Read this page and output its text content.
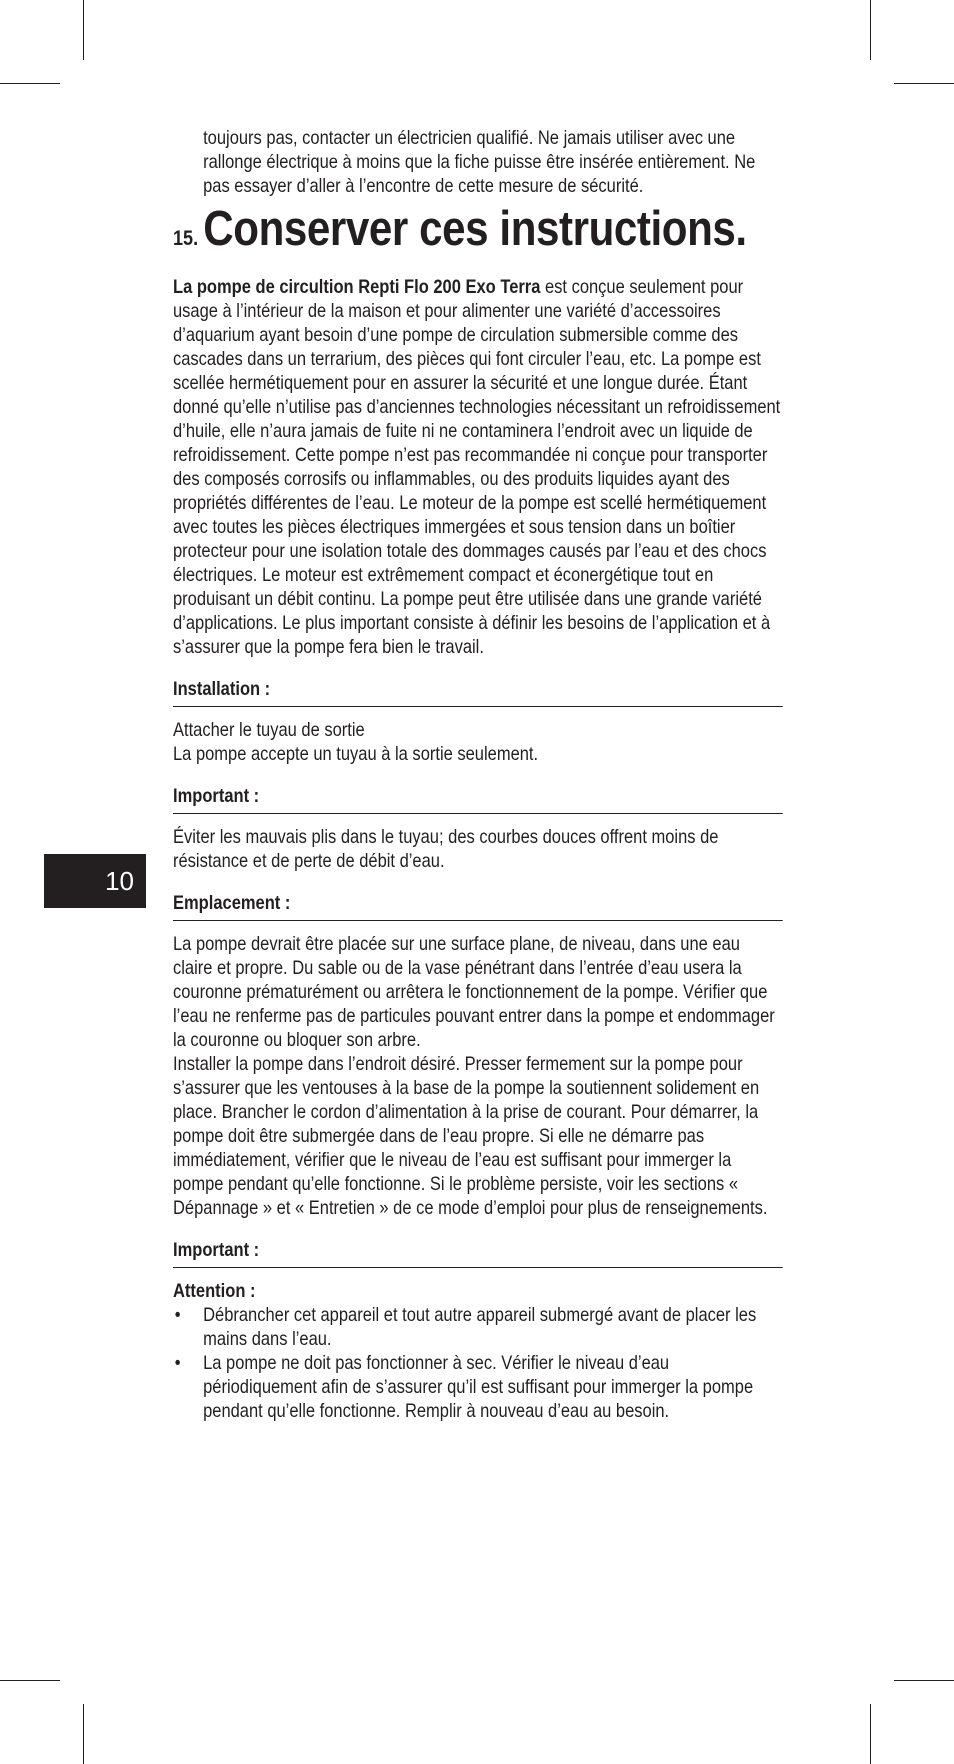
10

toujours pas, contacter un électricien qualifié. Ne jamais utiliser avec une rallonge électrique à moins que la fiche puisse être insérée entièrement. Ne pas essayer d’aller à l’encontre de cette mesure de sécurité.

15. Conserver ces instructions.

La pompe de circultion Repti Flo 200 Exo Terra est conçue seulement pour usage à l’intérieur de la maison et pour alimenter une variété d’accessoires d’aquarium ayant besoin d’une pompe de circulation submersible comme des cascades dans un terrarium, des pièces qui font circuler l’eau, etc. La pompe est scellée hermétiquement pour en assurer la sécurité et une longue durée. Étant donné qu’elle n’utilise pas d’anciennes technologies nécessitant un refroidissement d’huile, elle n’aura jamais de fuite ni ne contaminera l’endroit avec un liquide de refroidissement. Cette pompe n’est pas recommandée ni conçue pour transporter des composés corrosifs ou inflammables, ou des produits liquides ayant des propriétés différentes de l’eau. Le moteur de la pompe est scellé hermétiquement avec toutes les pièces électriques immergées et sous tension dans un boîtier protecteur pour une isolation totale des dommages causés par l’eau et des chocs électriques. Le moteur est extrêmement compact et éconergétique tout en produisant un débit continu. La pompe peut être utilisée dans une grande variété d’applications. Le plus important consiste à définir les besoins de l’application et à s’assurer que la pompe fera bien le travail.

Installation :

Attacher le tuyau de sortie

La pompe accepte un tuyau à la sortie seulement.

Important :

Éviter les mauvais plis dans le tuyau; des courbes douces offrent moins de résistance et de perte de débit d’eau.

Emplacement :

La pompe devrait être placée sur une surface plane, de niveau, dans une eau claire et propre. Du sable ou de la vase pénétrant dans l’entrée d’eau usera la couronne prématurément ou arrêtera le fonctionnement de la pompe. Vérifier que l’eau ne renferme pas de particules pouvant entrer dans la pompe et endommager la couronne ou bloquer son arbre.

Installer la pompe dans l’endroit désiré. Presser fermement sur la pompe pour s’assurer que les ventouses à la base de la pompe la soutiennent solidement en place. Brancher le cordon d’alimentation à la prise de courant. Pour démarrer, la pompe doit être submergée dans de l’eau propre. Si elle ne démarre pas immédiatement, vérifier que le niveau de l’eau est suffisant pour immerger la pompe pendant qu’elle fonctionne. Si le problème persiste, voir les sections « Dépannage » et « Entretien » de ce mode d’emploi pour plus de renseignements.

Important :
Attention :
• Débrancher cet appareil et tout autre appareil submergé avant de placer les mains dans l’eau.
• La pompe ne doit pas fonctionner à sec. Vérifier le niveau d’eau périodiquement afin de s’assurer qu’il est suffisant pour immerger la pompe pendant qu’elle fonctionne. Remplir à nouveau d’eau au besoin.
